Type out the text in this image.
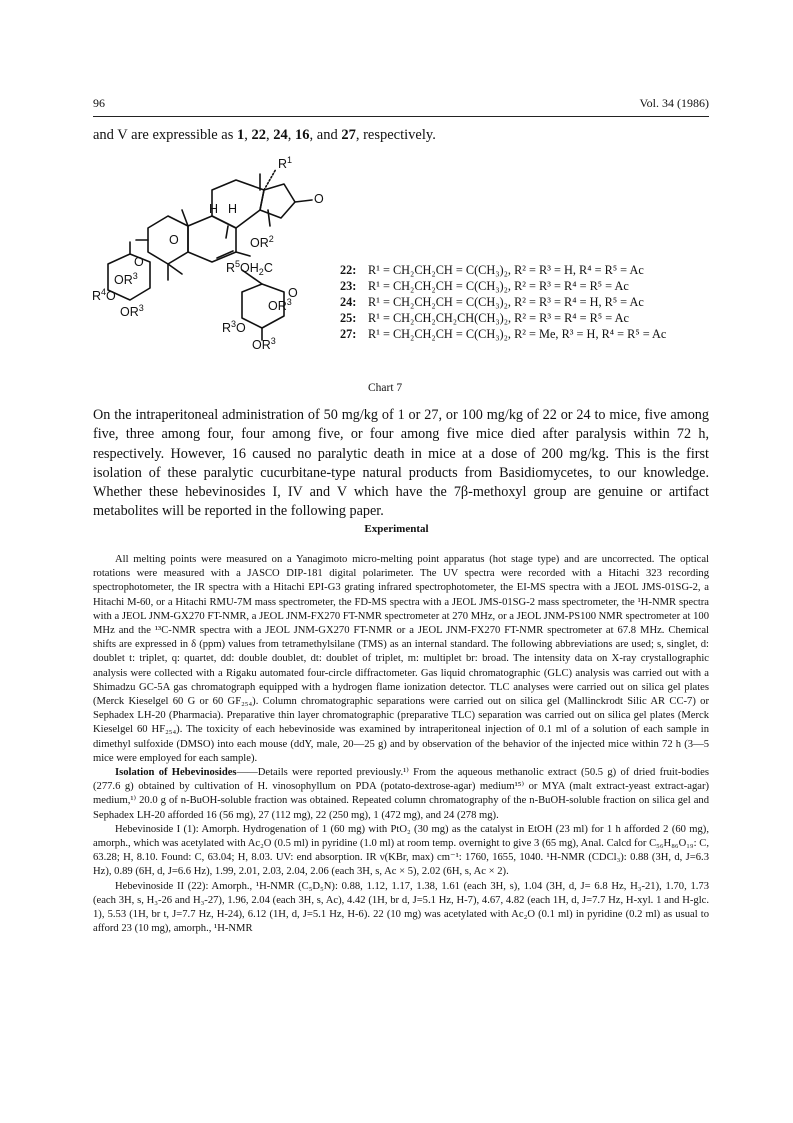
96	Vol. 34 (1986)
and V are expressible as 1, 22, 24, 16, and 27, respectively.
$R^1$
O
H H
O	$OR^2$
O
$OR^3$
$R^4O$
$OR^3$
$R^5OH_2C$
O
$OR^3$
$R^3O$
$OR^3$
22: R¹ = CH₂CH₂CH = C(CH₃)₂, R² = R³ = H, R⁴ = R⁵ = Ac
23: R¹ = CH₂CH₂CH = C(CH₃)₂, R² = R³ = R⁴ = R⁵ = Ac
24: R¹ = CH₂CH₂CH = C(CH₃)₂, R² = R³ = R⁴ = H, R⁵ = Ac
25: R¹ = CH₂CH₂CH₂CH(CH₃)₂, R² = R³ = R⁴ = R⁵ = Ac
27: R¹ = CH₂CH₂CH = C(CH₃)₂, R² = Me, R³ = H, R⁴ = R⁵ = Ac
Chart 7
On the intraperitoneal administration of 50 mg/kg of 1 or 27, or 100 mg/kg of 22 or 24 to mice, five among five, three among four, four among five, or four among five mice died after paralysis within 72 h, respectively. However, 16 caused no paralytic death in mice at a dose of 200 mg/kg. This is the first isolation of these paralytic cucurbitane-type natural products from Basidiomycetes, to our knowledge. Whether these hebevinosides I, IV and V which have the 7β-methoxyl group are genuine or artifact metabolites will be reported in the following paper.
Experimental

All melting points were measured on a Yanagimoto micro-melting point apparatus (hot stage type) and are uncorrected. The optical rotations were measured with a JASCO DIP-181 digital polarimeter. The UV spectra were recorded with a Hitachi 323 recording spectrophotometer, the IR spectra with a Hitachi EPI-G3 grating infrared spectrophotometer, the EI-MS spectra with a JEOL JMS-01SG-2, a Hitachi M-60, or a Hitachi RMU-7M mass spectrometer, the FD-MS spectra with a JEOL JMS-01SG-2 mass spectrometer, the ¹H-NMR spectra with a JEOL JNM-GX270 FT-NMR, a JEOL JNM-FX270 FT-NMR spectrometer at 270 MHz, or a JEOL JNM-PS100 NMR spectrometer at 100 MHz and the ¹³C-NMR spectra with a JEOL JNM-GX270 FT-NMR or a JEOL JNM-FX270 FT-NMR spectrometer at 67.8 MHz. Chemical shifts are expressed in δ (ppm) values from tetramethylsilane (TMS) as an internal standard. The following abbreviations are used; s, singlet, d: doublet t: triplet, q: quartet, dd: double doublet, dt: doublet of triplet, m: multiplet br: broad. The intensity data on X-ray crystallographic analysis were collected with a Rigaku automated four-circle diffractometer. Gas liquid chromatographic (GLC) analysis was carried out with a Shimadzu GC-5A gas chromatograph equipped with a hydrogen flame ionization detector. TLC analyses were carried out on silica gel plates (Merck Kieselgel 60 G or 60 GF₂₅₄). Column chromatographic separations were carried out on silica gel (Mallinckrodt Silic AR CC-7) or Sephadex LH-20 (Pharmacia). Preparative thin layer chromatographic (preparative TLC) separation was carried out on silica gel plates (Merck Kieselgel 60 HF₂₅₄). The toxicity of each hebevinoside was examined by intraperitoneal injection of 0.1 ml of a solution of each sample in dimethyl sulfoxide (DMSO) into each mouse (ddY, male, 20—25 g) and by observation of the behavior of the injected mice within 72 h (3—5 mice were employed for each sample).

Isolation of Hebevinosides——Details were reported previously.¹⁾ From the aqueous methanolic extract (50.5 g) of dried fruit-bodies (277.6 g) obtained by cultivation of H. vinosophyllum on PDA (potato-dextrose-agar) medium¹⁵⁾ or MYA (malt extract-yeast extract-agar) medium,¹⁾ 20.0 g of n-BuOH-soluble fraction was obtained. Repeated column chromatography of the n-BuOH-soluble fraction on silica gel and Sephadex LH-20 afforded 16 (56 mg), 27 (112 mg), 22 (250 mg), 1 (472 mg), and 24 (278 mg).

Hebevinoside I (1): Amorph. Hydrogenation of 1 (60 mg) with PtO₂ (30 mg) as the catalyst in EtOH (23 ml) for 1 h afforded 2 (60 mg), amorph., which was acetylated with Ac₂O (0.5 ml) in pyridine (1.0 ml) at room temp. overnight to give 3 (65 mg), Anal. Calcd for C₅₆H₈₆O₁₉: C, 63.28; H, 8.10. Found: C, 63.04; H, 8.03. UV: end absorption. IR ν(KBr, max) cm⁻¹: 1760, 1655, 1040. ¹H-NMR (CDCl₃): 0.88 (3H, d, J=6.3 Hz), 0.89 (6H, d, J=6.6 Hz), 1.99, 2.01, 2.03, 2.04, 2.06 (each 3H, s, Ac × 5), 2.02 (6H, s, Ac × 2).

Hebevinoside II (22): Amorph., ¹H-NMR (C₅D₅N): 0.88, 1.12, 1.17, 1.38, 1.61 (each 3H, s), 1.04 (3H, d, J= 6.8 Hz, H₃-21), 1.70, 1.73 (each 3H, s, H₃-26 and H₃-27), 1.96, 2.04 (each 3H, s, Ac), 4.42 (1H, br d, J=5.1 Hz, H-7), 4.67, 4.82 (each 1H, d, J=7.7 Hz, H-xyl. 1 and H-glc. 1), 5.53 (1H, br t, J=7.7 Hz, H-24), 6.12 (1H, d, J=5.1 Hz, H-6). 22 (10 mg) was acetylated with Ac₂O (0.1 ml) in pyridine (0.2 ml) as usual to afford 23 (10 mg), amorph., ¹H-NMR
